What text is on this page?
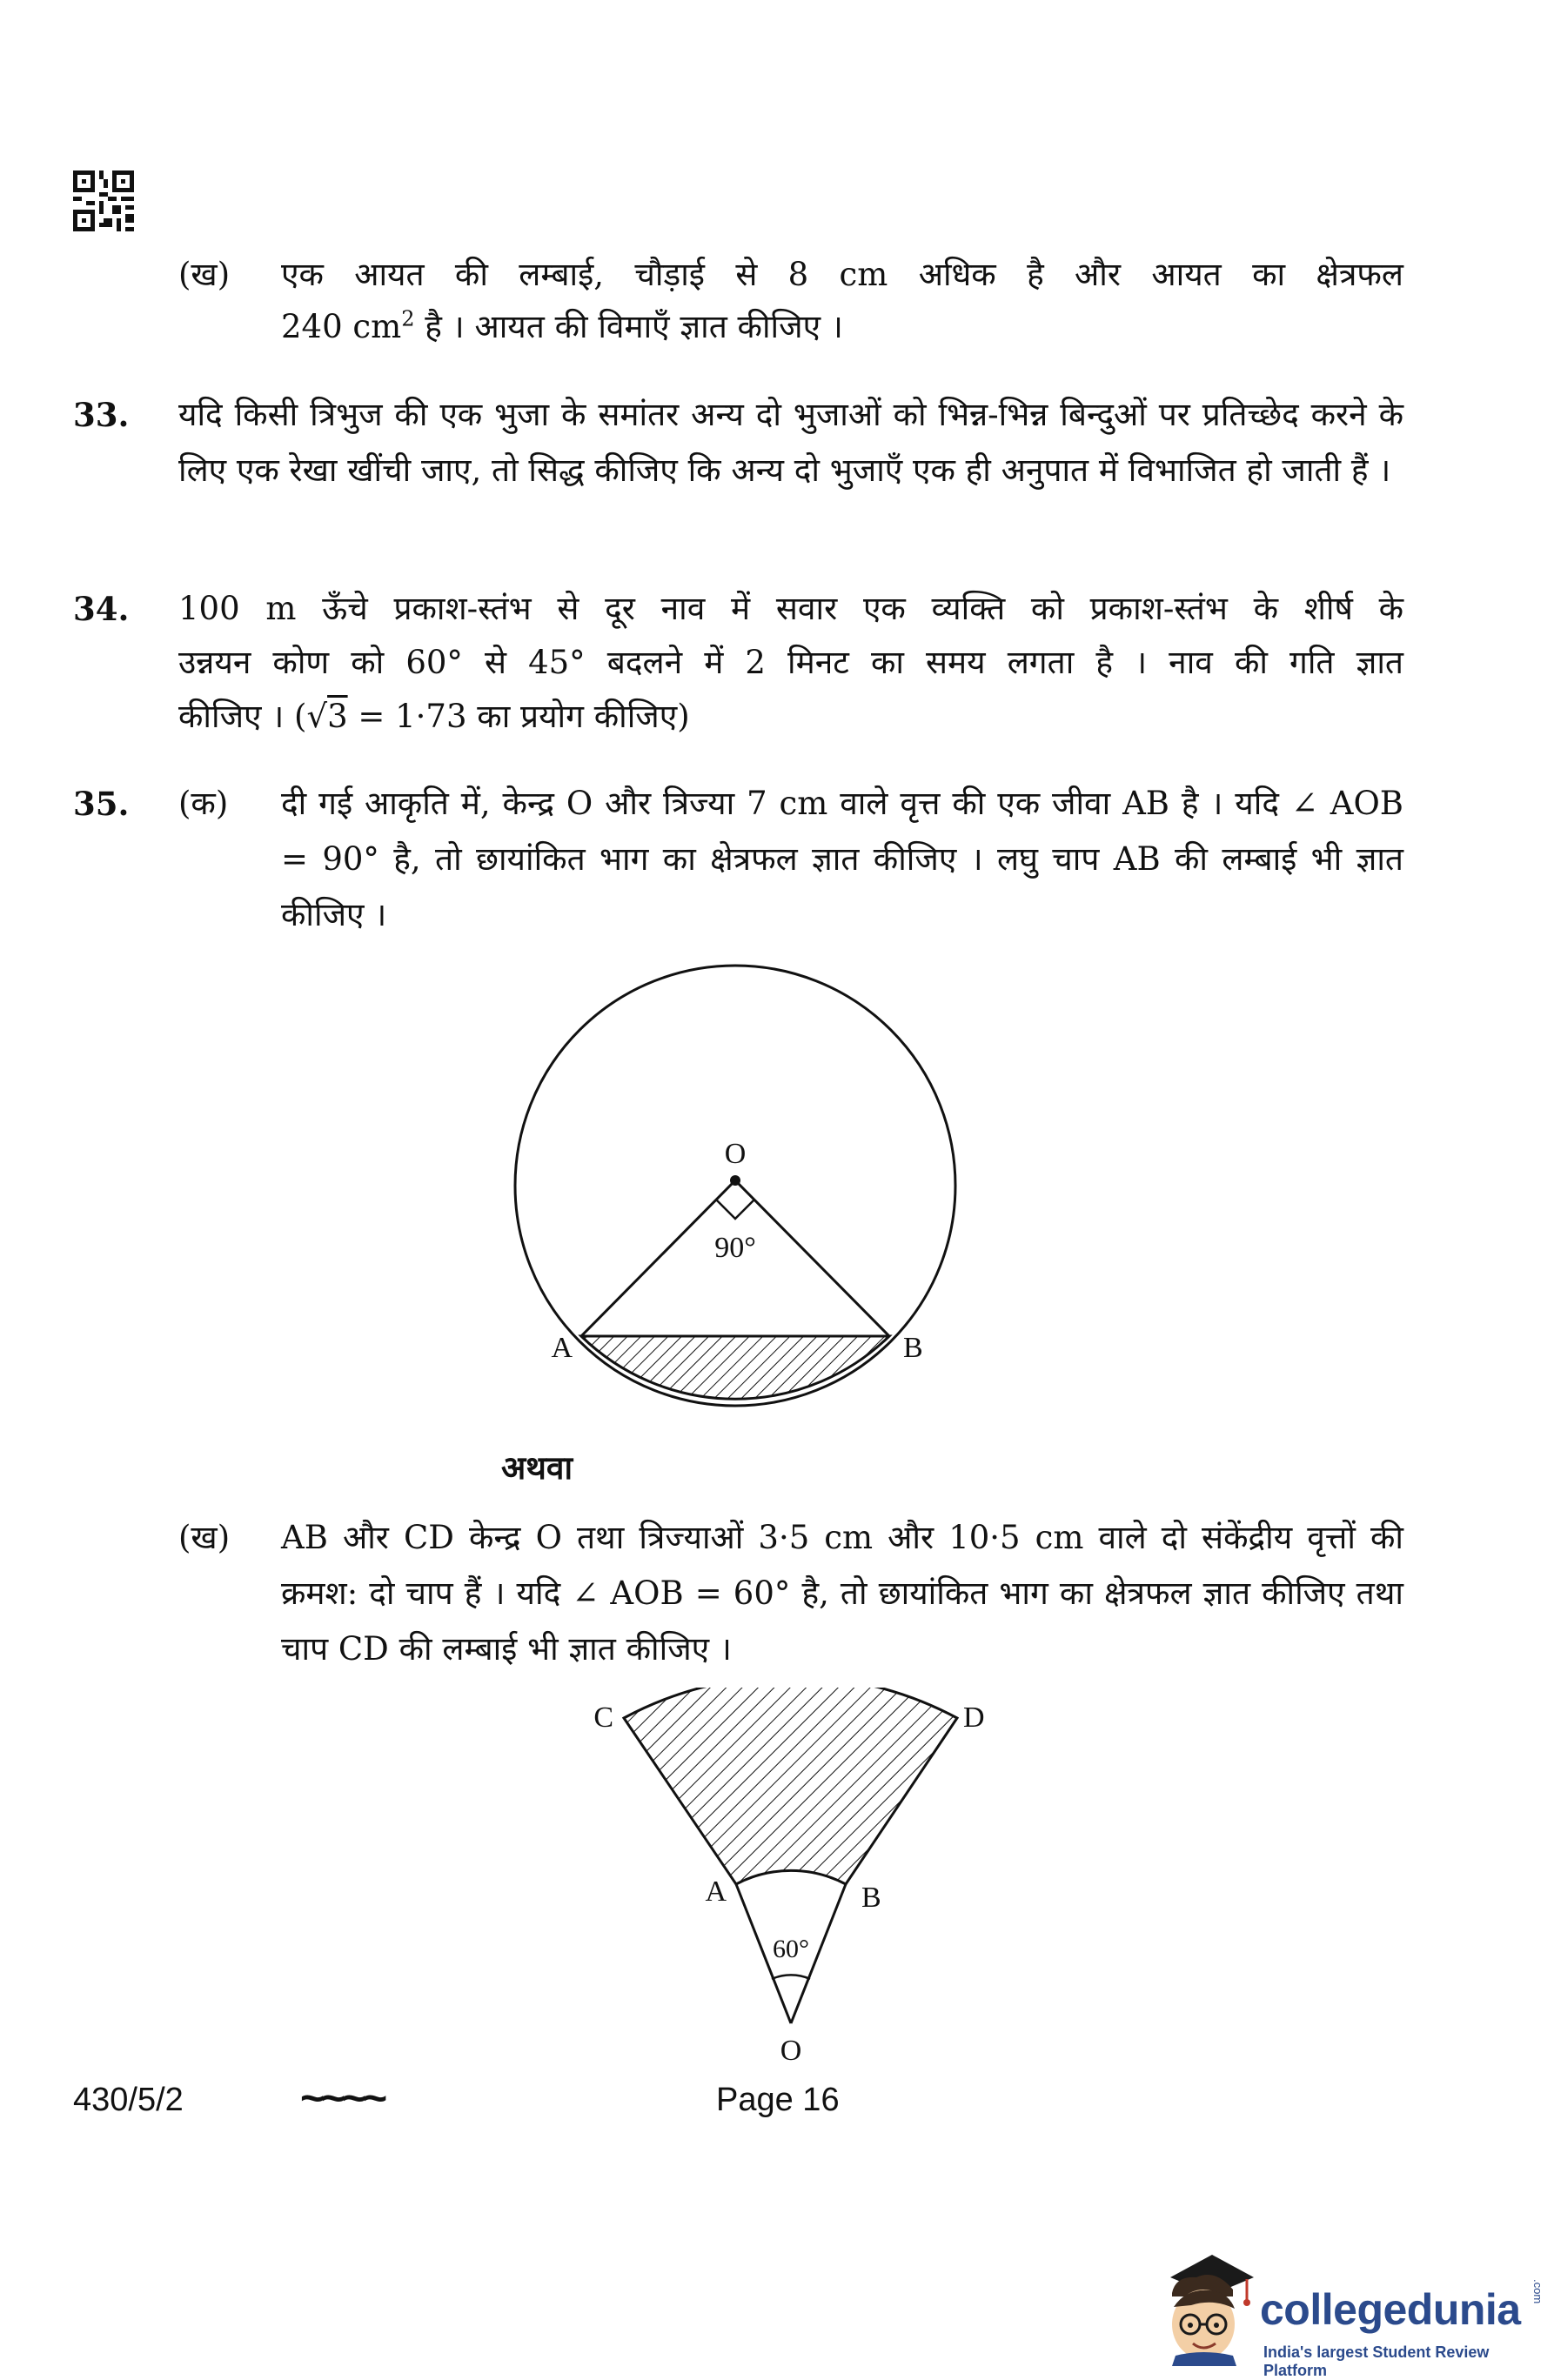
(ख) एक आयत की लम्बाई, चौड़ाई से 8 cm अधिक है और आयत का क्षेत्रफल
240 $cm^2$ है । आयत की विमाएँ ज्ञात कीजिए ।
33. यदि किसी त्रिभुज की एक भुजा के समांतर अन्य दो भुजाओं को भिन्न-भिन्न बिन्दुओं पर प्रतिच्छेद करने के लिए एक रेखा खींची जाए, तो सिद्ध कीजिए कि अन्य दो भुजाएँ एक ही अनुपात में विभाजित हो जाती हैं ।
34. 100 m ऊँचे प्रकाश-स्तंभ से दूर नाव में सवार एक व्यक्ति को प्रकाश-स्तंभ के शीर्ष के
उन्नयन कोण को 60° से 45° बदलने में 2 मिनट का समय लगता है । नाव की गति ज्ञात
कीजिए । (√3 = 1·73 का प्रयोग कीजिए)
35. (क) दी गई आकृति में, केन्द्र O और त्रिज्या 7 cm वाले वृत्त की एक जीवा AB है । यदि ∠ AOB = 90° है, तो छायांकित भाग का क्षेत्रफल ज्ञात कीजिए । लघु चाप AB की लम्बाई भी ज्ञात कीजिए ।
O
90°
A	B
अथवा
(ख) AB और CD केन्द्र O तथा त्रिज्याओं 3·5 cm और 10·5 cm वाले दो संकेंद्रीय वृत्तों की क्रमश: दो चाप हैं । यदि ∠ AOB = 60° है, तो छायांकित भाग का क्षेत्रफल ज्ञात कीजिए तथा चाप CD की लम्बाई भी ज्ञात कीजिए ।
60°
C	D
A	B
O
430/5/2	~~~~	Page 16
collegedunia .com
India's largest Student Review Platform
